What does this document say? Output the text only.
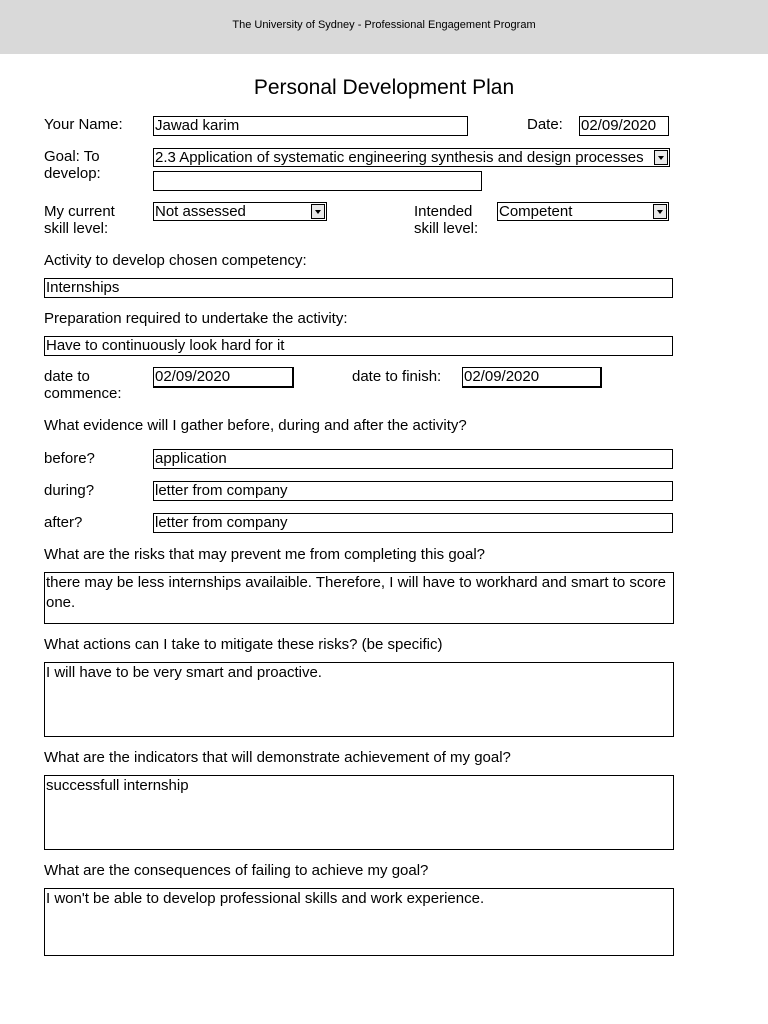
The University of Sydney - Professional Engagement Program
Personal Development Plan
Your Name: Jawad karim	Date: 02/09/2020
Goal: To
develop:
2.3 Application of systematic engineering synthesis and design processes
My current
skill level:
Not assessed	Intended
skill level:
Competent
Activity to develop chosen competency:
Internships
Preparation required to undertake the activity:
Have to continuously look hard for it
date to
commence:
02/09/2020	date to finish: 02/09/2020
What evidence will I gather before, during and after the activity?
before?	application
during?	letter from company
after?	letter from company
What are the risks that may prevent me from completing this goal?
there may be less internships availaible. Therefore, I will have to workhard and smart to score one.
What actions can I take to mitigate these risks? (be specific)
I will have to be very smart and proactive.
What are the indicators that will demonstrate achievement of my goal?
successfull internship
What are the consequences of failing to achieve my goal?
I won't be able to develop professional skills and work experience.
